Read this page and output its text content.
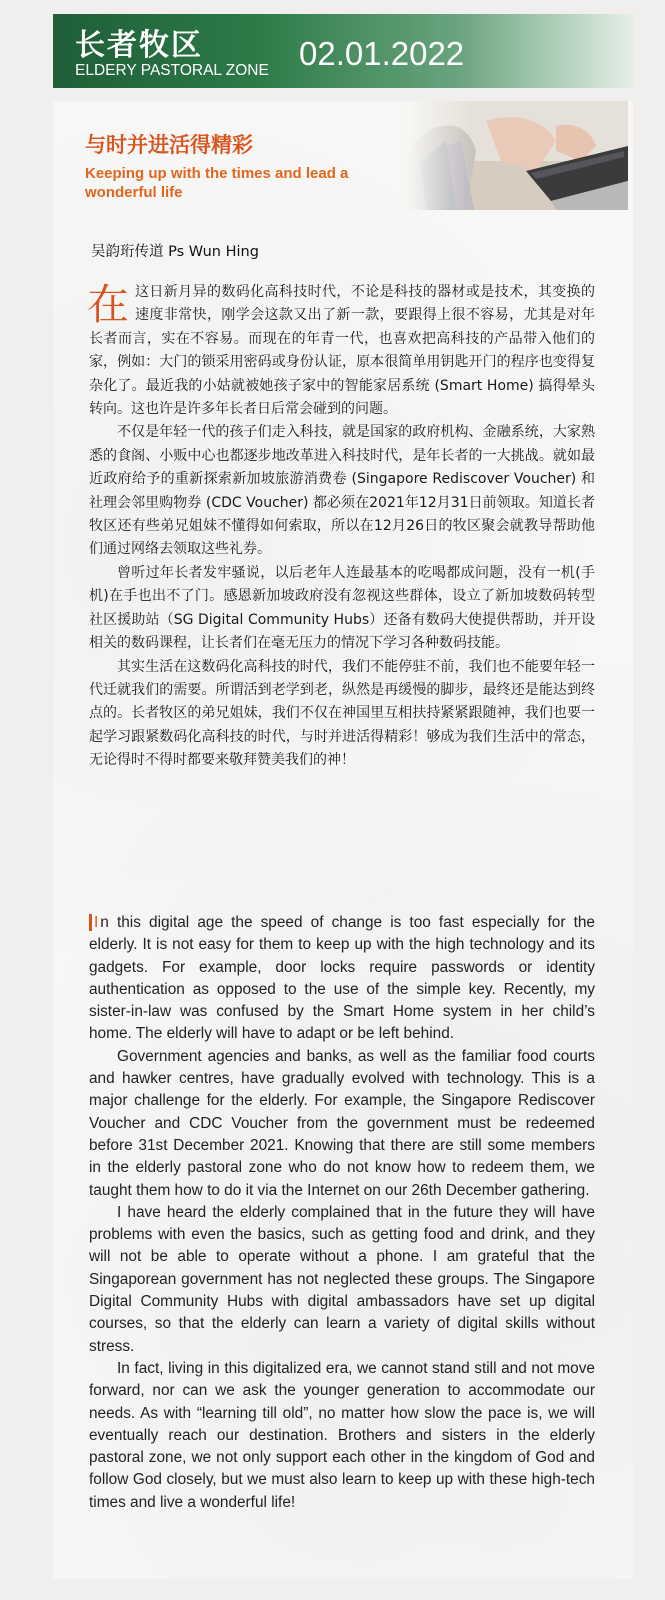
长者牧区
ELDERY PASTORAL ZONE 02.01.2022
与时并进活得精彩
Keeping up with the times and lead a wonderful life
吴韵珩传道 Ps Wun Hing

在这日新月异的数码化高科技时代，不论是科技的器材或是技术，其变换的速度非常快，刚学会这款又出了新一款，要跟得上很不容易，尤其是对年长者而言，实在不容易。而现在的年青一代，也喜欢把高科技的产品带入他们的家，例如：大门的锁采用密码或身份认证，原本很简单用钥匙开门的程序也变得复杂化了。最近我的小姑就被她孩子家中的智能家居系统 (Smart Home) 搞得晕头转向。这也许是许多年长者日后常会碰到的问题。

不仅是年轻一代的孩子们走入科技，就是国家的政府机构、金融系统，大家熟悉的食阁、小贩中心也都逐步地改革进入科技时代，是年长者的一大挑战。就如最近政府给予的重新探索新加坡旅游消费卷 (Singapore Rediscover Voucher) 和社理会邻里购物券 (CDC Voucher) 都必须在2021年12月31日前领取。知道长者牧区还有些弟兄姐妹不懂得如何索取，所以在12月26日的牧区聚会就教导帮助他们通过网络去领取这些礼券。

曾听过年长者发牢骚说，以后老年人连最基本的吃喝都成问题，没有一机(手机)在手也出不了门。感恩新加坡政府没有忽视这些群体，设立了新加坡数码转型社区援助站（SG Digital Community Hubs）还备有数码大使提供帮助，并开设相关的数码课程，让长者们在毫无压力的情况下学习各种数码技能。

其实生活在这数码化高科技的时代，我们不能停驻不前，我们也不能要年轻一代迁就我们的需要。所谓活到老学到老，纵然是再缓慢的脚步，最终还是能达到终点的。长者牧区的弟兄姐妹，我们不仅在神国里互相扶持紧紧跟随神，我们也要一起学习跟紧数码化高科技的时代，与时并进活得精彩！够成为我们生活中的常态，无论得时不得时都要来敬拜赞美我们的神！

I n this digital age the speed of change is too fast especially for the elderly. It is not easy for them to keep up with the high technology and its gadgets. For example, door locks require passwords or identity authentication as opposed to the use of the simple key. Recently, my sister-in-law was confused by the Smart Home system in her child’s home. The elderly will have to adapt or be left behind.

Government agencies and banks, as well as the familiar food courts and hawker centres, have gradually evolved with technology. This is a major challenge for the elderly. For example, the Singapore Rediscover Voucher and CDC Voucher from the government must be redeemed before 31st December 2021. Knowing that there are still some members in the elderly pastoral zone who do not know how to redeem them, we taught them how to do it via the Internet on our 26th December gathering.

I have heard the elderly complained that in the future they will have problems with even the basics, such as getting food and drink, and they will not be able to operate without a phone. I am grateful that the Singaporean government has not neglected these groups. The Singapore Digital Community Hubs with digital ambassadors have set up digital courses, so that the elderly can learn a variety of digital skills without stress.

In fact, living in this digitalized era, we cannot stand still and not move forward, nor can we ask the younger generation to accommodate our needs. As with “learning till old”, no matter how slow the pace is, we will eventually reach our destination. Brothers and sisters in the elderly pastoral zone, we not only support each other in the kingdom of God and follow God closely, but we must also learn to keep up with these high-tech times and live a wonderful life!
